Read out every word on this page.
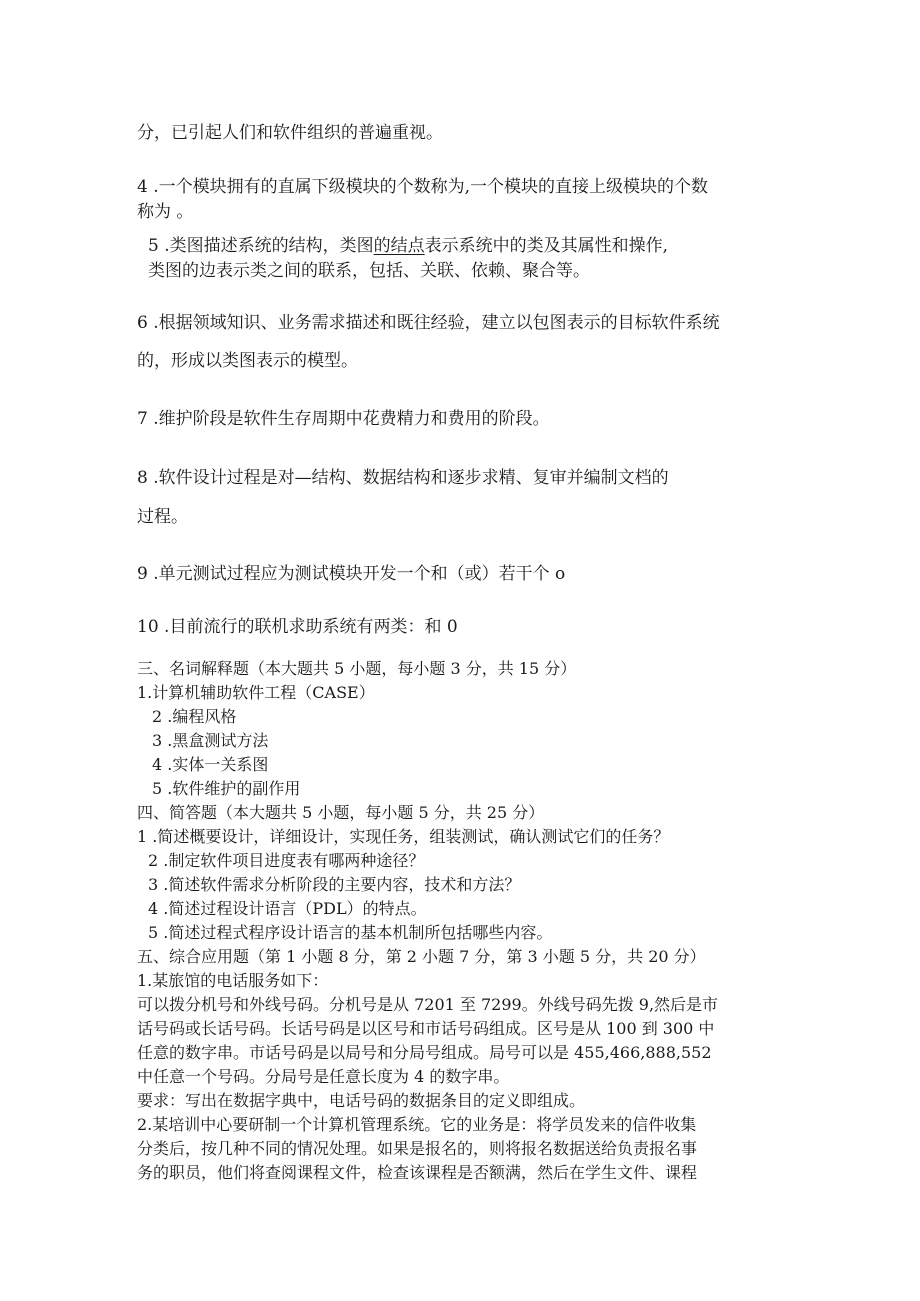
分，已引起人们和软件组织的普遍重视。
4 .一个模块拥有的直属下级模块的个数称为,一个模块的直接上级模块的个数
称为 。
5 .类图描述系统的结构，类图的结点表示系统中的类及其属性和操作,
类图的边表示类之间的联系，包括、关联、依赖、聚合等。
6 .根据领域知识、业务需求描述和既往经验，建立以包图表示的目标软件系统
的，形成以类图表示的模型。
7 .维护阶段是软件生存周期中花费精力和费用的阶段。
8 .软件设计过程是对—结构、数据结构和逐步求精、复审并编制文档的
过程。
9 .单元测试过程应为测试模块开发一个和（或）若干个 o
10 .目前流行的联机求助系统有两类：和 0
三、名词解释题（本大题共 5 小题，每小题 3 分，共 15 分）
1.计算机辅助软件工程（CASE）
2 .编程风格
3 .黑盒测试方法
4 .实体一关系图
5 .软件维护的副作用
四、简答题（本大题共 5 小题，每小题 5 分，共 25 分）
1 .简述概要设计，详细设计，实现任务，组装测试，确认测试它们的任务？
2 .制定软件项目进度表有哪两种途径？
3 .简述软件需求分析阶段的主要内容，技术和方法？
4 .简述过程设计语言（PDL）的特点。
5 .简述过程式程序设计语言的基本机制所包括哪些内容。
五、综合应用题（第 1 小题 8 分，第 2 小题 7 分，第 3 小题 5 分，共 20 分）
1.某旅馆的电话服务如下：
可以拨分机号和外线号码。分机号是从 7201 至 7299。外线号码先拨 9,然后是市
话号码或长话号码。长话号码是以区号和市话号码组成。区号是从 100 到 300 中
任意的数字串。市话号码是以局号和分局号组成。局号可以是 455,466,888,552
中任意一个号码。分局号是任意长度为 4 的数字串。
要求：写出在数据字典中，电话号码的数据条目的定义即组成。
2.某培训中心要研制一个计算机管理系统。它的业务是：将学员发来的信件收集
分类后，按几种不同的情况处理。如果是报名的，则将报名数据送给负责报名事
务的职员，他们将查阅课程文件，检查该课程是否额满，然后在学生文件、课程
